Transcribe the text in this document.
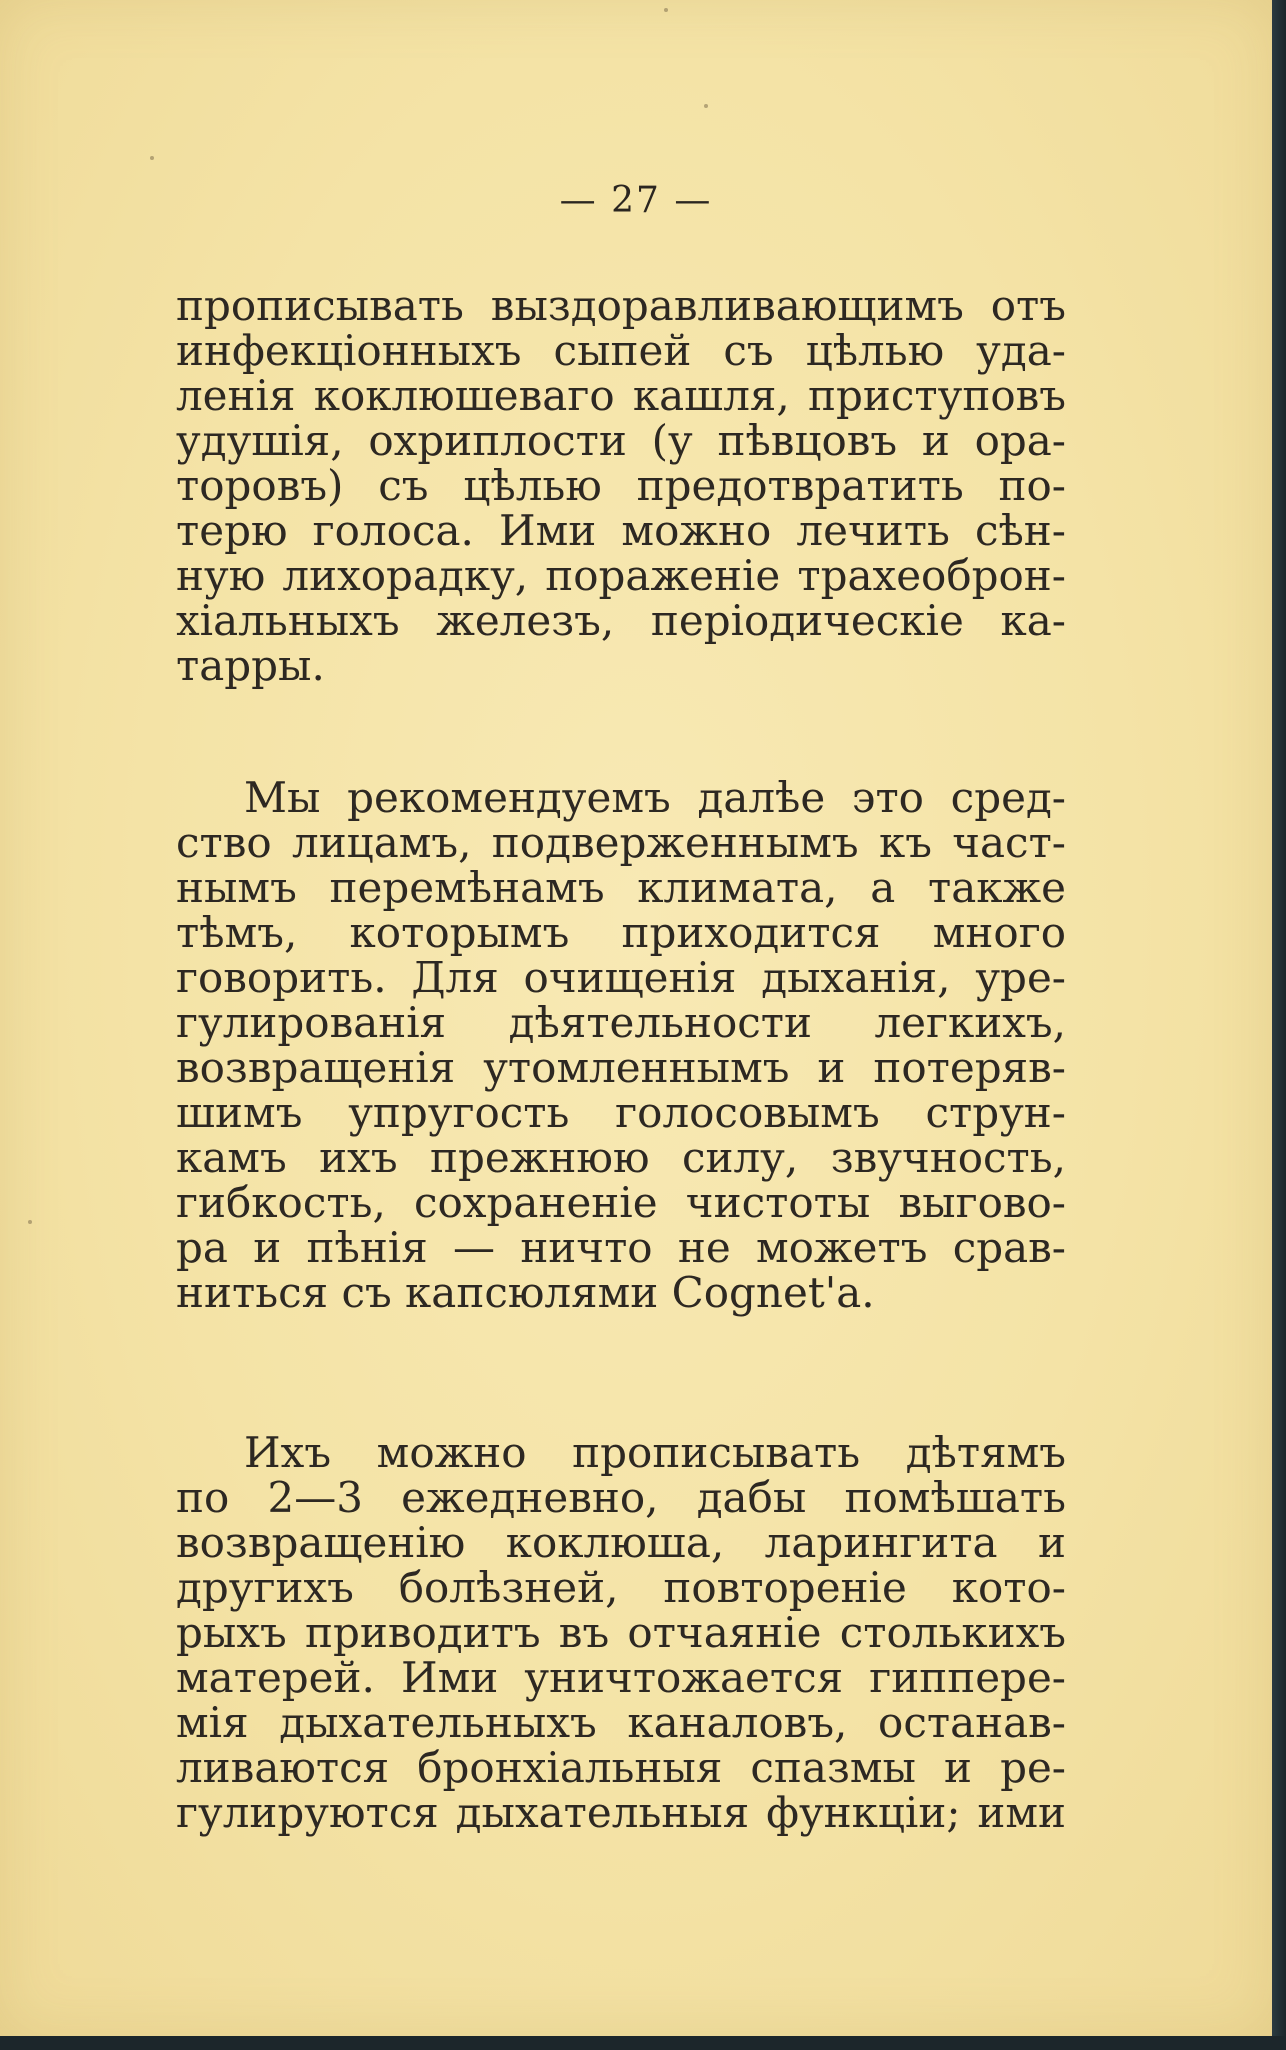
— 27 —
прописывать выздоравливающимъ отъ
инфекціонныхъ сыпей съ цѣлью уда-
ленія коклюшеваго кашля, приступовъ
удушія, охриплости (у пѣвцовъ и ора-
торовъ) съ цѣлью предотвратить по-
терю голоса. Ими можно лечить сѣн-
ную лихорадку, пораженіе трахеоброн-
хіальныхъ железъ, періодическіе ка-
тарры.
Мы рекомендуемъ далѣе это сред-
ство лицамъ, подверженнымъ къ част-
нымъ перемѣнамъ климата, а также
тѣмъ, которымъ приходится много
говорить. Для очищенія дыханія, уре-
гулированія дѣятельности легкихъ,
возвращенія утомленнымъ и потеряв-
шимъ упругость голосовымъ струн-
камъ ихъ прежнюю силу, звучность,
гибкость, сохраненіе чистоты выгово-
ра и пѣнія — ничто не можетъ срав-
ниться съ капсюлями Cognet'a.
Ихъ можно прописывать дѣтямъ
по 2—3 ежедневно, дабы помѣшать
возвращенію коклюша, ларингита и
другихъ болѣзней, повтореніе кото-
рыхъ приводитъ въ отчаяніе столькихъ
матерей. Ими уничтожается гиппере-
мія дыхательныхъ каналовъ, останав-
ливаются бронхіальныя спазмы и ре-
гулируются дыхательныя функціи; ими
